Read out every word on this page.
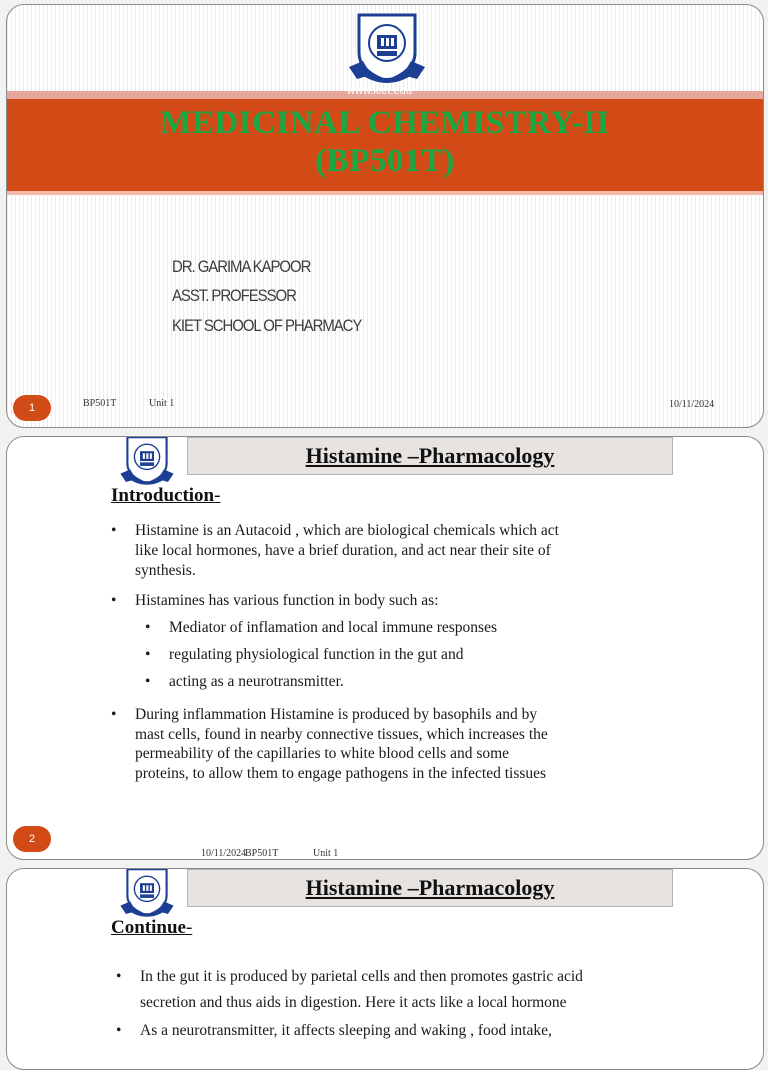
www.kiet.edu
MEDICINAL CHEMISTRY-II
(BP501T)
DR. GARIMA KAPOOR
ASST. PROFESSOR
KIET SCHOOL OF PHARMACY
1	BP501T	Unit 1	10/11/2024
Histamine –Pharmacology
Introduction-
• Histamine is an Autacoid , which are biological chemicals which act
like local hormones, have a brief duration, and act near their site of
synthesis.
• Histamines has various function in body such as:
• Mediator of inflamation and local immune responses
• regulating physiological function in the gut and
• acting as a neurotransmitter.
• During inflammation Histamine is produced by basophils and by
mast cells, found in nearby connective tissues, which increases the
permeability of the capillaries to white blood cells and some
proteins, to allow them to engage pathogens in the infected tissues
2
10/11/2024
BP501T	Unit 1
Histamine –Pharmacology
Continue-
• In the gut it is produced by parietal cells and then promotes gastric acid
secretion and thus aids in digestion. Here it acts like a local hormone
• As a neurotransmitter, it affects sleeping and waking , food intake,
